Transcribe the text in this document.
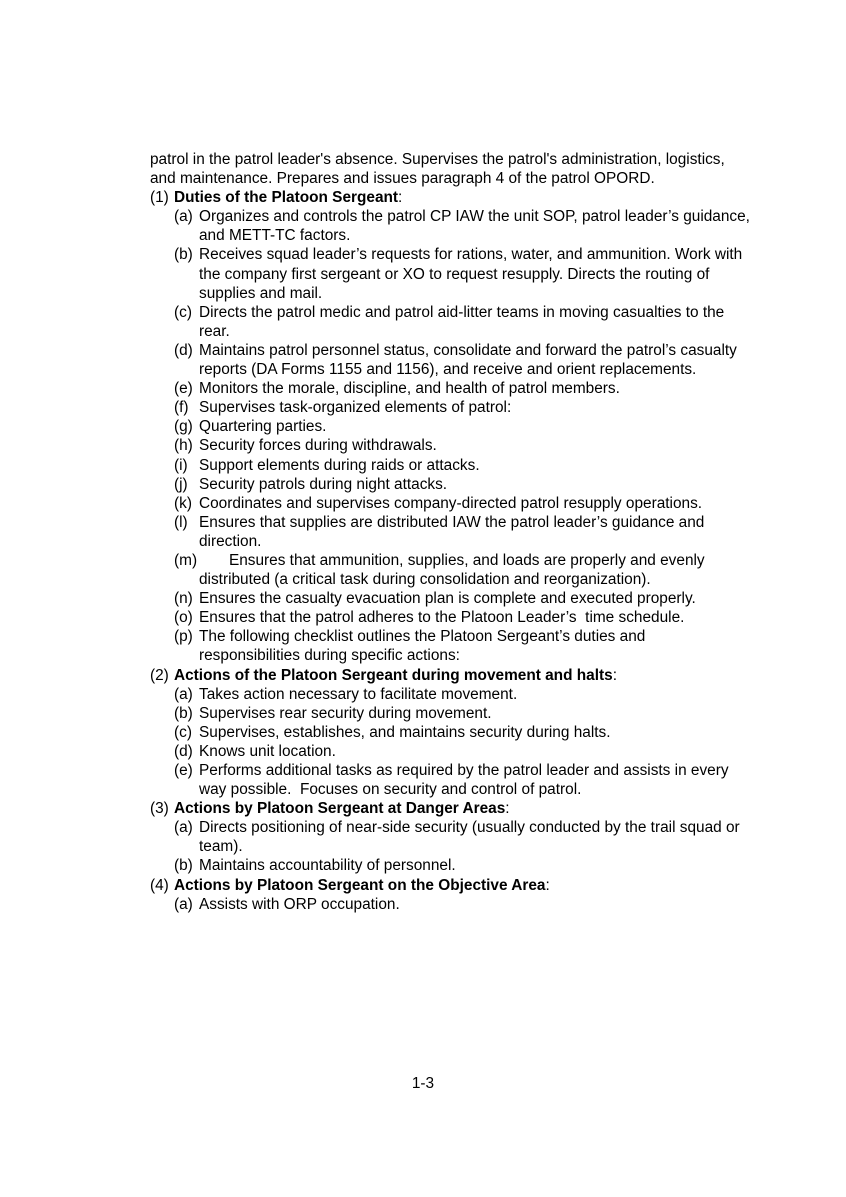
patrol in the patrol leader's absence. Supervises the patrol's administration, logistics, and maintenance. Prepares and issues paragraph 4 of the patrol OPORD.

(1) Duties of the Platoon Sergeant:
(a) Organizes and controls the patrol CP IAW the unit SOP, patrol leader’s guidance, and METT-TC factors.
(b) Receives squad leader’s requests for rations, water, and ammunition. Work with the company first sergeant or XO to request resupply. Directs the routing of supplies and mail.
(c) Directs the patrol medic and patrol aid-litter teams in moving casualties to the rear.
(d) Maintains patrol personnel status, consolidate and forward the patrol’s casualty reports (DA Forms 1155 and 1156), and receive and orient replacements.
(e) Monitors the morale, discipline, and health of patrol members.
(f) Supervises task-organized elements of patrol:
(g) Quartering parties.
(h) Security forces during withdrawals.
(i) Support elements during raids or attacks.
(j) Security patrols during night attacks.
(k) Coordinates and supervises company-directed patrol resupply operations.
(l) Ensures that supplies are distributed IAW the patrol leader’s guidance and direction.
(m) Ensures that ammunition, supplies, and loads are properly and evenly distributed (a critical task during consolidation and reorganization).
(n) Ensures the casualty evacuation plan is complete and executed properly.
(o) Ensures that the patrol adheres to the Platoon Leader’s  time schedule.
(p) The following checklist outlines the Platoon Sergeant’s duties and responsibilities during specific actions:
(2) Actions of the Platoon Sergeant during movement and halts:
(a) Takes action necessary to facilitate movement.
(b) Supervises rear security during movement.
(c) Supervises, establishes, and maintains security during halts.
(d) Knows unit location.
(e) Performs additional tasks as required by the patrol leader and assists in every way possible.  Focuses on security and control of patrol.
(3) Actions by Platoon Sergeant at Danger Areas:
(a) Directs positioning of near-side security (usually conducted by the trail squad or team).
(b) Maintains accountability of personnel.
(4) Actions by Platoon Sergeant on the Objective Area:
(a) Assists with ORP occupation.
1-3
